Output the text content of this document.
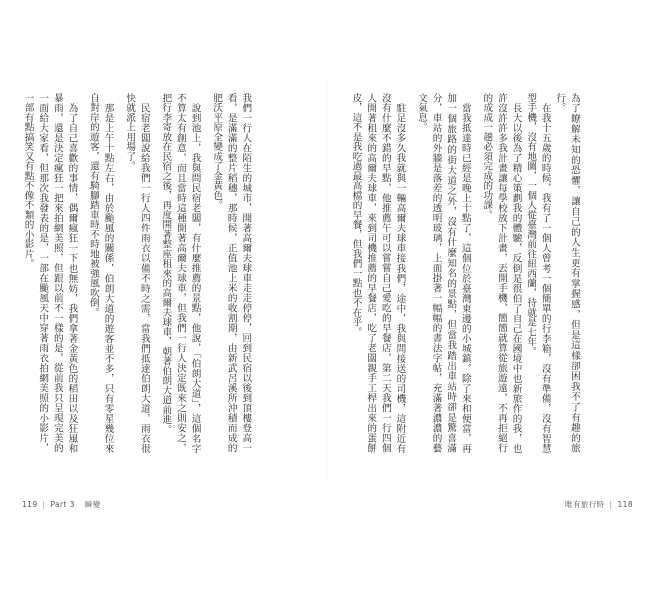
為了瞭解未知的恐懼，讓自己的人生更有掌握感，但是這樣卻困我不了有趣的旅行。

在我十五歲的時候，我有了一個人曾考一個簡單的行李箱，沒有準備，沒有智慧型手機，沒有地圖，一個人從臺灣前往紐西蘭，待就是七年。

長大以後為了精心策劃我的體驗，反倒是很伯了自己在國境中也新旅作的我，也許沒許許多我計畫讓每學校放下計畫，丟開手機，簡簡就算從旅遊遠，不再拒絕行的成成一趟必須完成的功課。

當我抵達時已經是晚上十點了，這個位於臺灣東邊的小城鎮，除了來和便當，再加一個旅路的街大道之外，沒有什麼知名的景點，但當我踏出車站時卻是驚喜滿分，車站的外牆是落差的透明玻璃，上面掛著一幅幅的書法字帖，充滿著濃濃的藝文氣息。

駐足沒多久我就與一輛高爾夫球車接我們，途中，我與問接送的司機，這附近有沒有什麼不錯的早點，他推薦午可以嘗嘗自己愛吃的早餐店，第二天我們一行四個人開著租來的高爾夫球車，來到司機推薦的早餐店，吃了老闆親手工桿出來的蛋餅皮，這不是我吃過最高檔的早餐，但我們一點也不在乎。

我們一行人在陌生的城市，開著高爾夫球車走走停停，回到民宿以後到頂樓登高一看，是滿滿的整片稻穗，那時候，正值池上米的收割期，由新武呂溪所沖積而成的肥沃平原全變成了金黃色。

說到池上，我與問民宿老闆，有什麼推薦的景點，他說，「伯朗大道」，這個名字不算太有創意，而且當時這種開著高爾夫球車，但我們一行人決定既來之則安之，把行李寄放在民宿之後，再度開著整座租來的高爾夫球車，朝著伯朗大道前進。

民宿老闆說給我們一行人四件雨衣以備不時之需，當我們抵達伯朗大道，雨衣很快就派上用場了。

那是上午十點左右，由於颱風的關係，伯朗大道的遊客並不多，只有零星幾位來自對岸的遊客，還有騎腳踏車時不時地被強風吹倒。

為了自己喜歡的事情，偶爾瘋狂一下也無妨，我們拿著金黃色的稻田以及狂風和暴雨，還是決定瘋狂一把來拍網美照，但跟以前不一樣的是，從前我只呈現完美的一面給大家看，但那次我發表的是，一部在颱風天中穿著雨衣拍網美照的小影片，一部有點搞笑又有點不像不類的小影片。

119 | Part 3 瞬變	唯有旅行時 | 118
